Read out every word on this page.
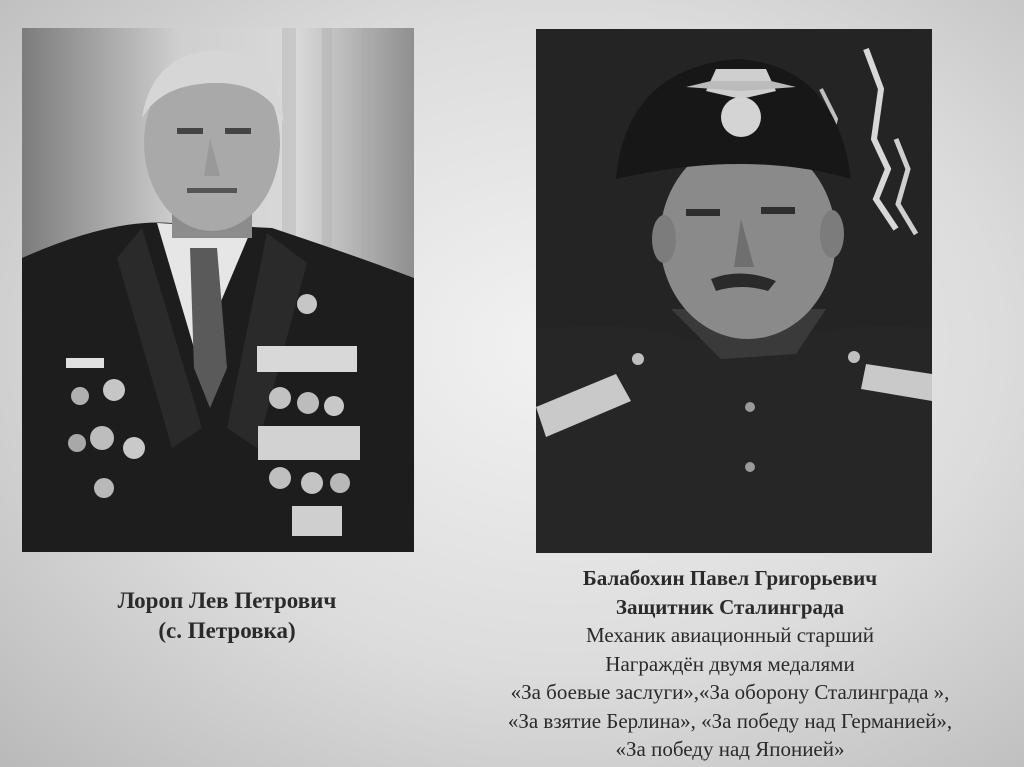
Лороп Лев Петрович
(с. Петровка)
Балабохин Павел Григорьевич
Защитник Сталинграда
Механик авиационный старший
Награждён двумя медалями
«За боевые заслуги»,«За оборону Сталинграда »,
«За взятие Берлина», «За победу над Германией»,
«За победу над Японией»
